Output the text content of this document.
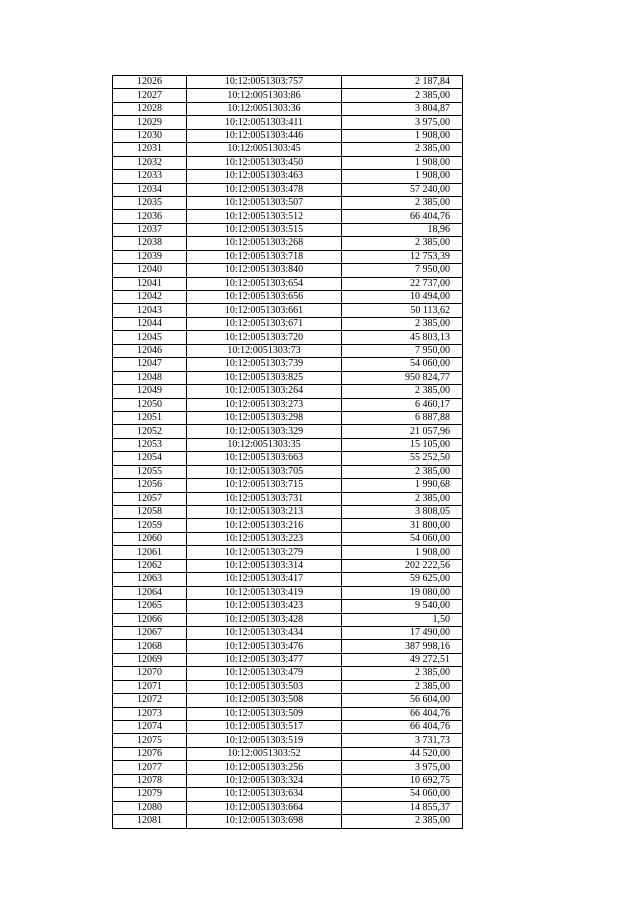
12026	10:12:0051303:757	2 187,84
12027	10:12:0051303:86	2 385,00
12028	10:12:0051303:36	3 804,87
12029	10:12:0051303:411	3 975,00
12030	10:12:0051303:446	1 908,00
12031	10:12:0051303:45	2 385,00
12032	10:12:0051303:450	1 908,00
12033	10:12:0051303:463	1 908,00
12034	10:12:0051303:478	57 240,00
12035	10:12:0051303:507	2 385,00
12036	10:12:0051303:512	66 404,76
12037	10:12:0051303:515	18,96
12038	10:12:0051303:268	2 385,00
12039	10:12:0051303:718	12 753,39
12040	10:12:0051303:840	7 950,00
12041	10:12:0051303:654	22 737,00
12042	10:12:0051303:656	10 494,00
12043	10:12:0051303:661	50 113,62
12044	10:12:0051303:671	2 385,00
12045	10:12:0051303:720	45 803,13
12046	10:12:0051303:73	7 950,00
12047	10:12:0051303:739	54 060,00
12048	10:12:0051303:825	950 824,77
12049	10:12:0051303:264	2 385,00
12050	10:12:0051303:273	6 460,17
12051	10:12:0051303:298	6 887,88
12052	10:12:0051303:329	21 057,96
12053	10:12:0051303:35	15 105,00
12054	10:12:0051303:663	55 252,50
12055	10:12:0051303:705	2 385,00
12056	10:12:0051303:715	1 990,68
12057	10:12:0051303:731	2 385,00
12058	10:12:0051303:213	3 808,05
12059	10:12:0051303:216	31 800,00
12060	10:12:0051303:223	54 060,00
12061	10:12:0051303:279	1 908,00
12062	10:12:0051303:314	202 222,56
12063	10:12:0051303:417	59 625,00
12064	10:12:0051303:419	19 080,00
12065	10:12:0051303:423	9 540,00
12066	10:12:0051303:428	1,50
12067	10:12:0051303:434	17 490,00
12068	10:12:0051303:476	387 998,16
12069	10:12:0051303:477	49 272,51
12070	10:12:0051303:479	2 385,00
12071	10:12:0051303:503	2 385,00
12072	10:12:0051303:508	56 604,00
12073	10:12:0051303:509	66 404,76
12074	10:12:0051303:517	66 404,76
12075	10:12:0051303:519	3 731,73
12076	10:12:0051303:52	44 520,00
12077	10:12:0051303:256	3 975,00
12078	10:12:0051303:324	10 692,75
12079	10:12:0051303:634	54 060,00
12080	10:12:0051303:664	14 855,37
12081	10:12:0051303:698	2 385,00
